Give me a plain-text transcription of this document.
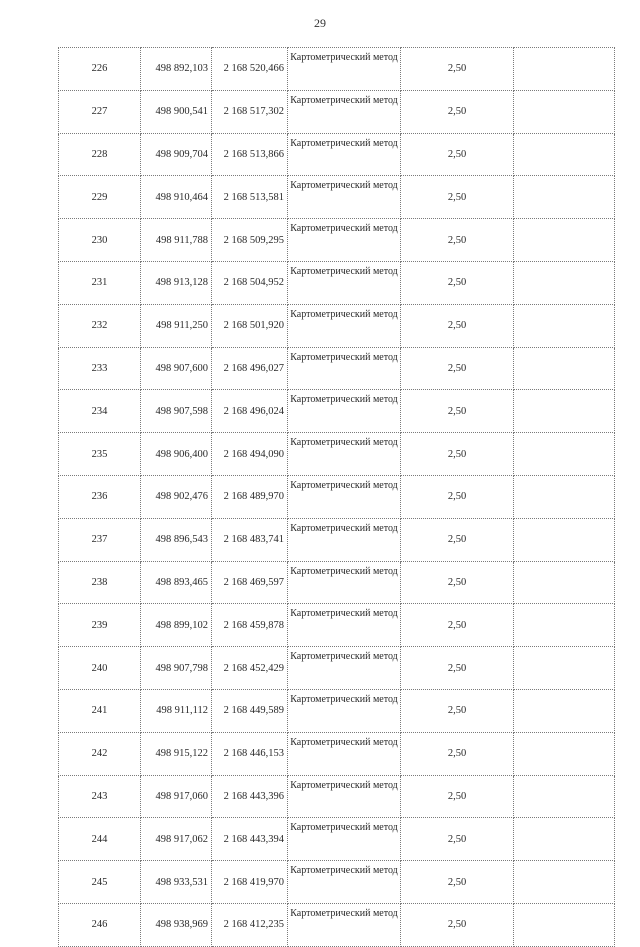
29
226	498 892,103	2 168 520,466	Картометрический метод	2,50	
227	498 900,541	2 168 517,302	Картометрический метод	2,50	
228	498 909,704	2 168 513,866	Картометрический метод	2,50	
229	498 910,464	2 168 513,581	Картометрический метод	2,50	
230	498 911,788	2 168 509,295	Картометрический метод	2,50	
231	498 913,128	2 168 504,952	Картометрический метод	2,50	
232	498 911,250	2 168 501,920	Картометрический метод	2,50	
233	498 907,600	2 168 496,027	Картометрический метод	2,50	
234	498 907,598	2 168 496,024	Картометрический метод	2,50	
235	498 906,400	2 168 494,090	Картометрический метод	2,50	
236	498 902,476	2 168 489,970	Картометрический метод	2,50	
237	498 896,543	2 168 483,741	Картометрический метод	2,50	
238	498 893,465	2 168 469,597	Картометрический метод	2,50	
239	498 899,102	2 168 459,878	Картометрический метод	2,50	
240	498 907,798	2 168 452,429	Картометрический метод	2,50	
241	498 911,112	2 168 449,589	Картометрический метод	2,50	
242	498 915,122	2 168 446,153	Картометрический метод	2,50	
243	498 917,060	2 168 443,396	Картометрический метод	2,50	
244	498 917,062	2 168 443,394	Картометрический метод	2,50	
245	498 933,531	2 168 419,970	Картометрический метод	2,50	
246	498 938,969	2 168 412,235	Картометрический метод	2,50	
